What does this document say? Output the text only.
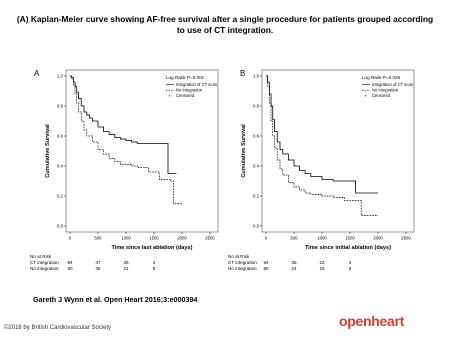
(A) Kaplan-Meier curve showing AF-free survival after a single procedure for patients grouped according to use of CT integration.
A
0.0
0.2
0.4
0.6
0.8
1.0
0	500	1000	1500	2000	2500
Time since last ablation (days)
Cumulative Survival
Log Rank P=0.001
Integration of CT scan
No integration
+ Censored
No at Risk
CT integration 94	47	25	4
No integration 90	36	21	5
B
0.0
0.2
0.4
0.6
0.8
1.0
0	500	1000	1500	2000	2500
Time since initial ablation (days)
Cumulative Survival
Log Rank P=0.026
Integration of CT scan
No integration
+ Censored
No at Risk
CT integration 94	35	22	4
No integration 90	24	16	5
Gareth J Wynn et al. Open Heart 2016;3:e000394
©2016 by British Cardiovascular Society	openheart
